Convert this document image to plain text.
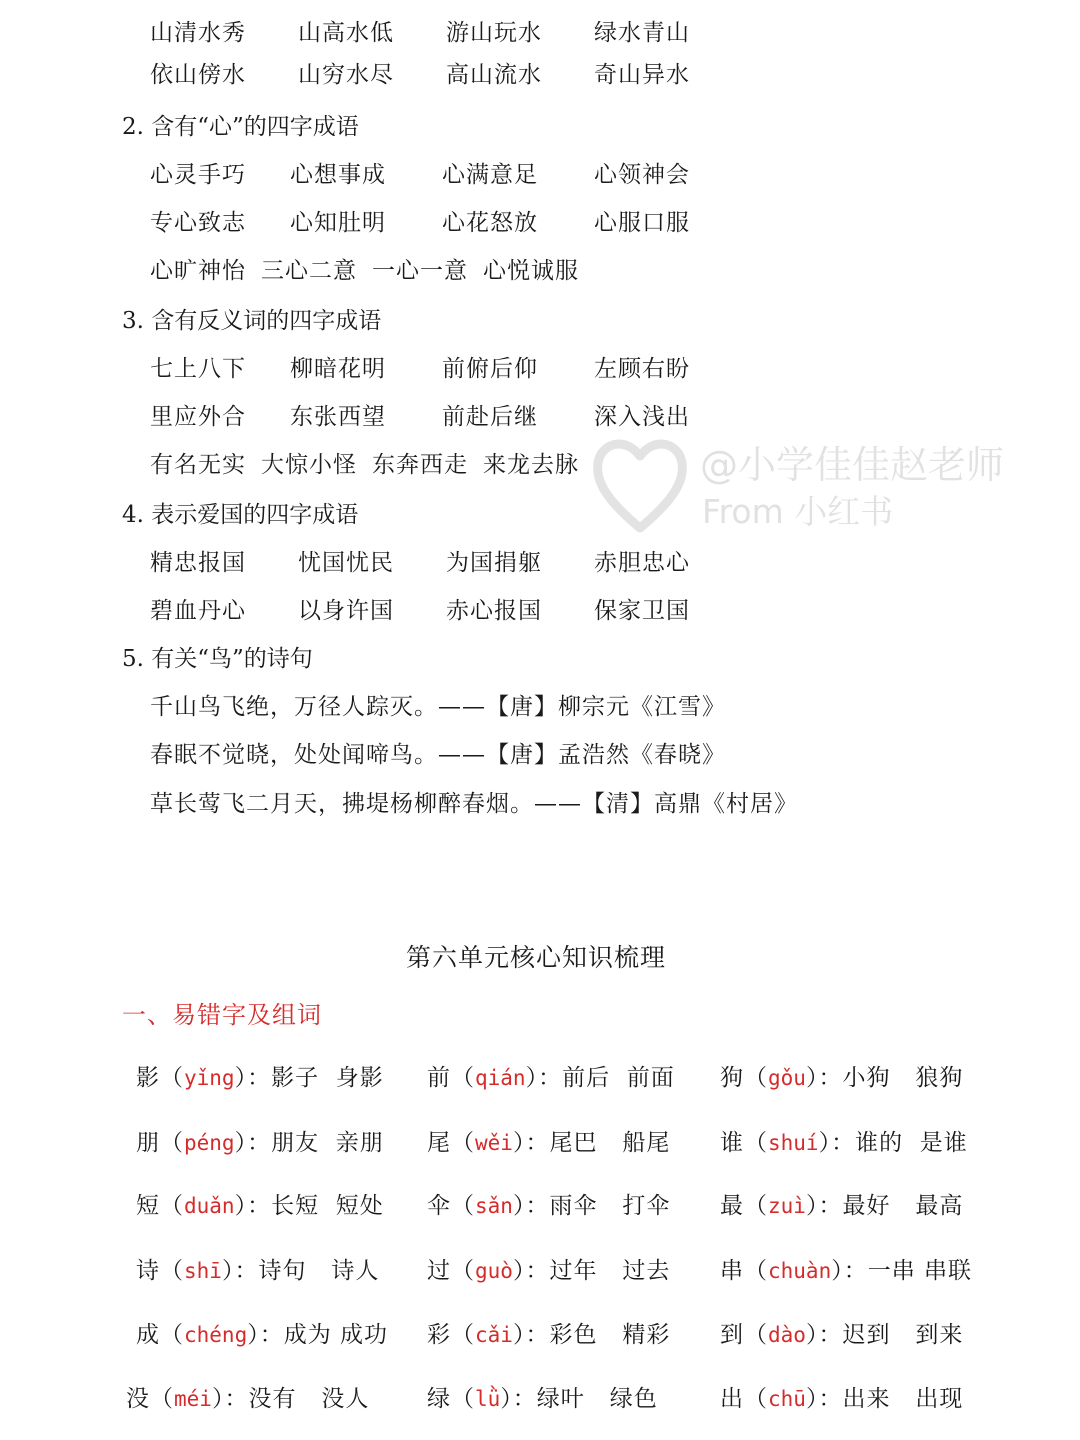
山清水秀 山高水低 游山玩水 绿水青山
依山傍水 山穷水尽 高山流水 奇山异水
2. 含有“心”的四字成语
心灵手巧 心想事成 心满意足 心领神会
专心致志 心知肚明 心花怒放 心服口服
心旷神怡 三心二意 一心一意 心悦诚服
3. 含有反义词的四字成语
七上八下 柳暗花明 前俯后仰 左顾右盼
里应外合 东张西望 前赴后继 深入浅出
有名无实 大惊小怪 东奔西走 来龙去脉
4. 表示爱国的四字成语
精忠报国 忧国忧民 为国捐躯 赤胆忠心
碧血丹心 以身许国 赤心报国 保家卫国
5. 有关“鸟”的诗句
千山鸟飞绝，万径人踪灭。——【唐】柳宗元《江雪》
春眠不觉晓，处处闻啼鸟。——【唐】孟浩然《春晓》
草长莺飞二月天，拂堤杨柳醉春烟。——【清】高鼎《村居》
@小学佳佳赵老师
From 小红书
第六单元核心知识梳理
一、易错字及组词
影（yǐng）：影子  身影 前（qián）：前后  前面 狗（gǒu）：小狗   狼狗
朋（péng）：朋友  亲朋 尾（wěi）：尾巴   船尾 谁（shuí）：谁的  是谁
短（duǎn）：长短  短处 伞（sǎn）：雨伞   打伞 最（zuì）：最好   最高
诗（shī）：诗句   诗人 过（guò）：过年   过去 串（chuàn）：一串 串联
成（chéng）：成为 成功 彩（cǎi）：彩色   精彩 到（dào）：迟到   到来
没（méi）：没有   没人	绿（lǜ）：绿叶   绿色	出（chū）：出来   出现
